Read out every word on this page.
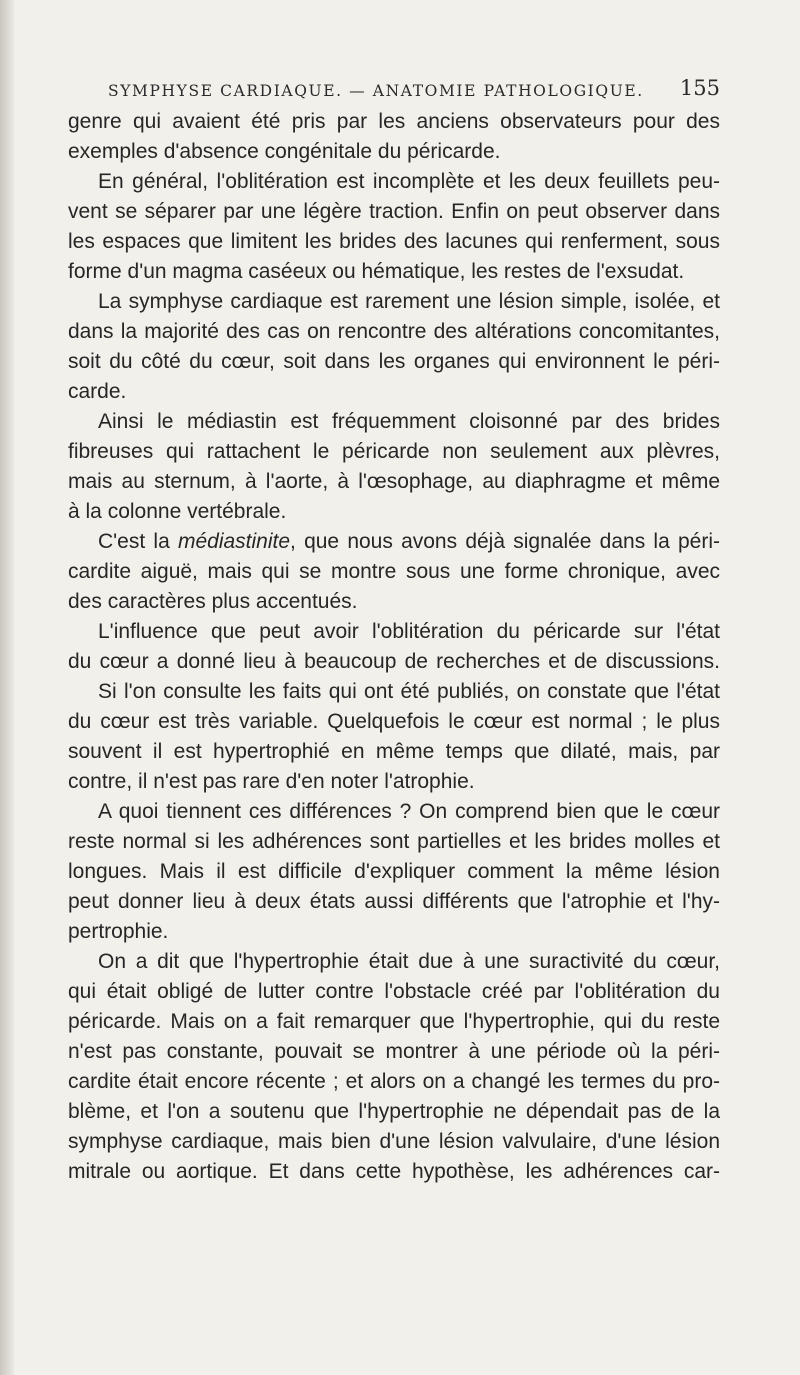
SYMPHYSE CARDIAQUE. — ANATOMIE PATHOLOGIQUE. 155
genre qui avaient été pris par les anciens observateurs pour des
exemples d'absence congénitale du péricarde.
En général, l'oblitération est incomplète et les deux feuillets peu-
vent se séparer par une légère traction. Enfin on peut observer dans
les espaces que limitent les brides des lacunes qui renferment, sous
forme d'un magma caséeux ou hématique, les restes de l'exsudat.
La symphyse cardiaque est rarement une lésion simple, isolée, et
dans la majorité des cas on rencontre des altérations concomitantes,
soit du côté du cœur, soit dans les organes qui environnent le péri-
carde.
Ainsi le médiastin est fréquemment cloisonné par des brides
fibreuses qui rattachent le péricarde non seulement aux plèvres,
mais au sternum, à l'aorte, à l'œsophage, au diaphragme et même
à la colonne vertébrale.
C'est la médiastinite, que nous avons déjà signalée dans la péri-
cardite aiguë, mais qui se montre sous une forme chronique, avec
des caractères plus accentués.
L'influence que peut avoir l'oblitération du péricarde sur l'état
du cœur a donné lieu à beaucoup de recherches et de discussions.
Si l'on consulte les faits qui ont été publiés, on constate que l'état
du cœur est très variable. Quelquefois le cœur est normal ; le plus
souvent il est hypertrophié en même temps que dilaté, mais, par
contre, il n'est pas rare d'en noter l'atrophie.
A quoi tiennent ces différences ? On comprend bien que le cœur
reste normal si les adhérences sont partielles et les brides molles et
longues. Mais il est difficile d'expliquer comment la même lésion
peut donner lieu à deux états aussi différents que l'atrophie et l'hy-
pertrophie.
On a dit que l'hypertrophie était due à une suractivité du cœur,
qui était obligé de lutter contre l'obstacle créé par l'oblitération du
péricarde. Mais on a fait remarquer que l'hypertrophie, qui du reste
n'est pas constante, pouvait se montrer à une période où la péri-
cardite était encore récente ; et alors on a changé les termes du pro-
blème, et l'on a soutenu que l'hypertrophie ne dépendait pas de la
symphyse cardiaque, mais bien d'une lésion valvulaire, d'une lésion
mitrale ou aortique. Et dans cette hypothèse, les adhérences car-
